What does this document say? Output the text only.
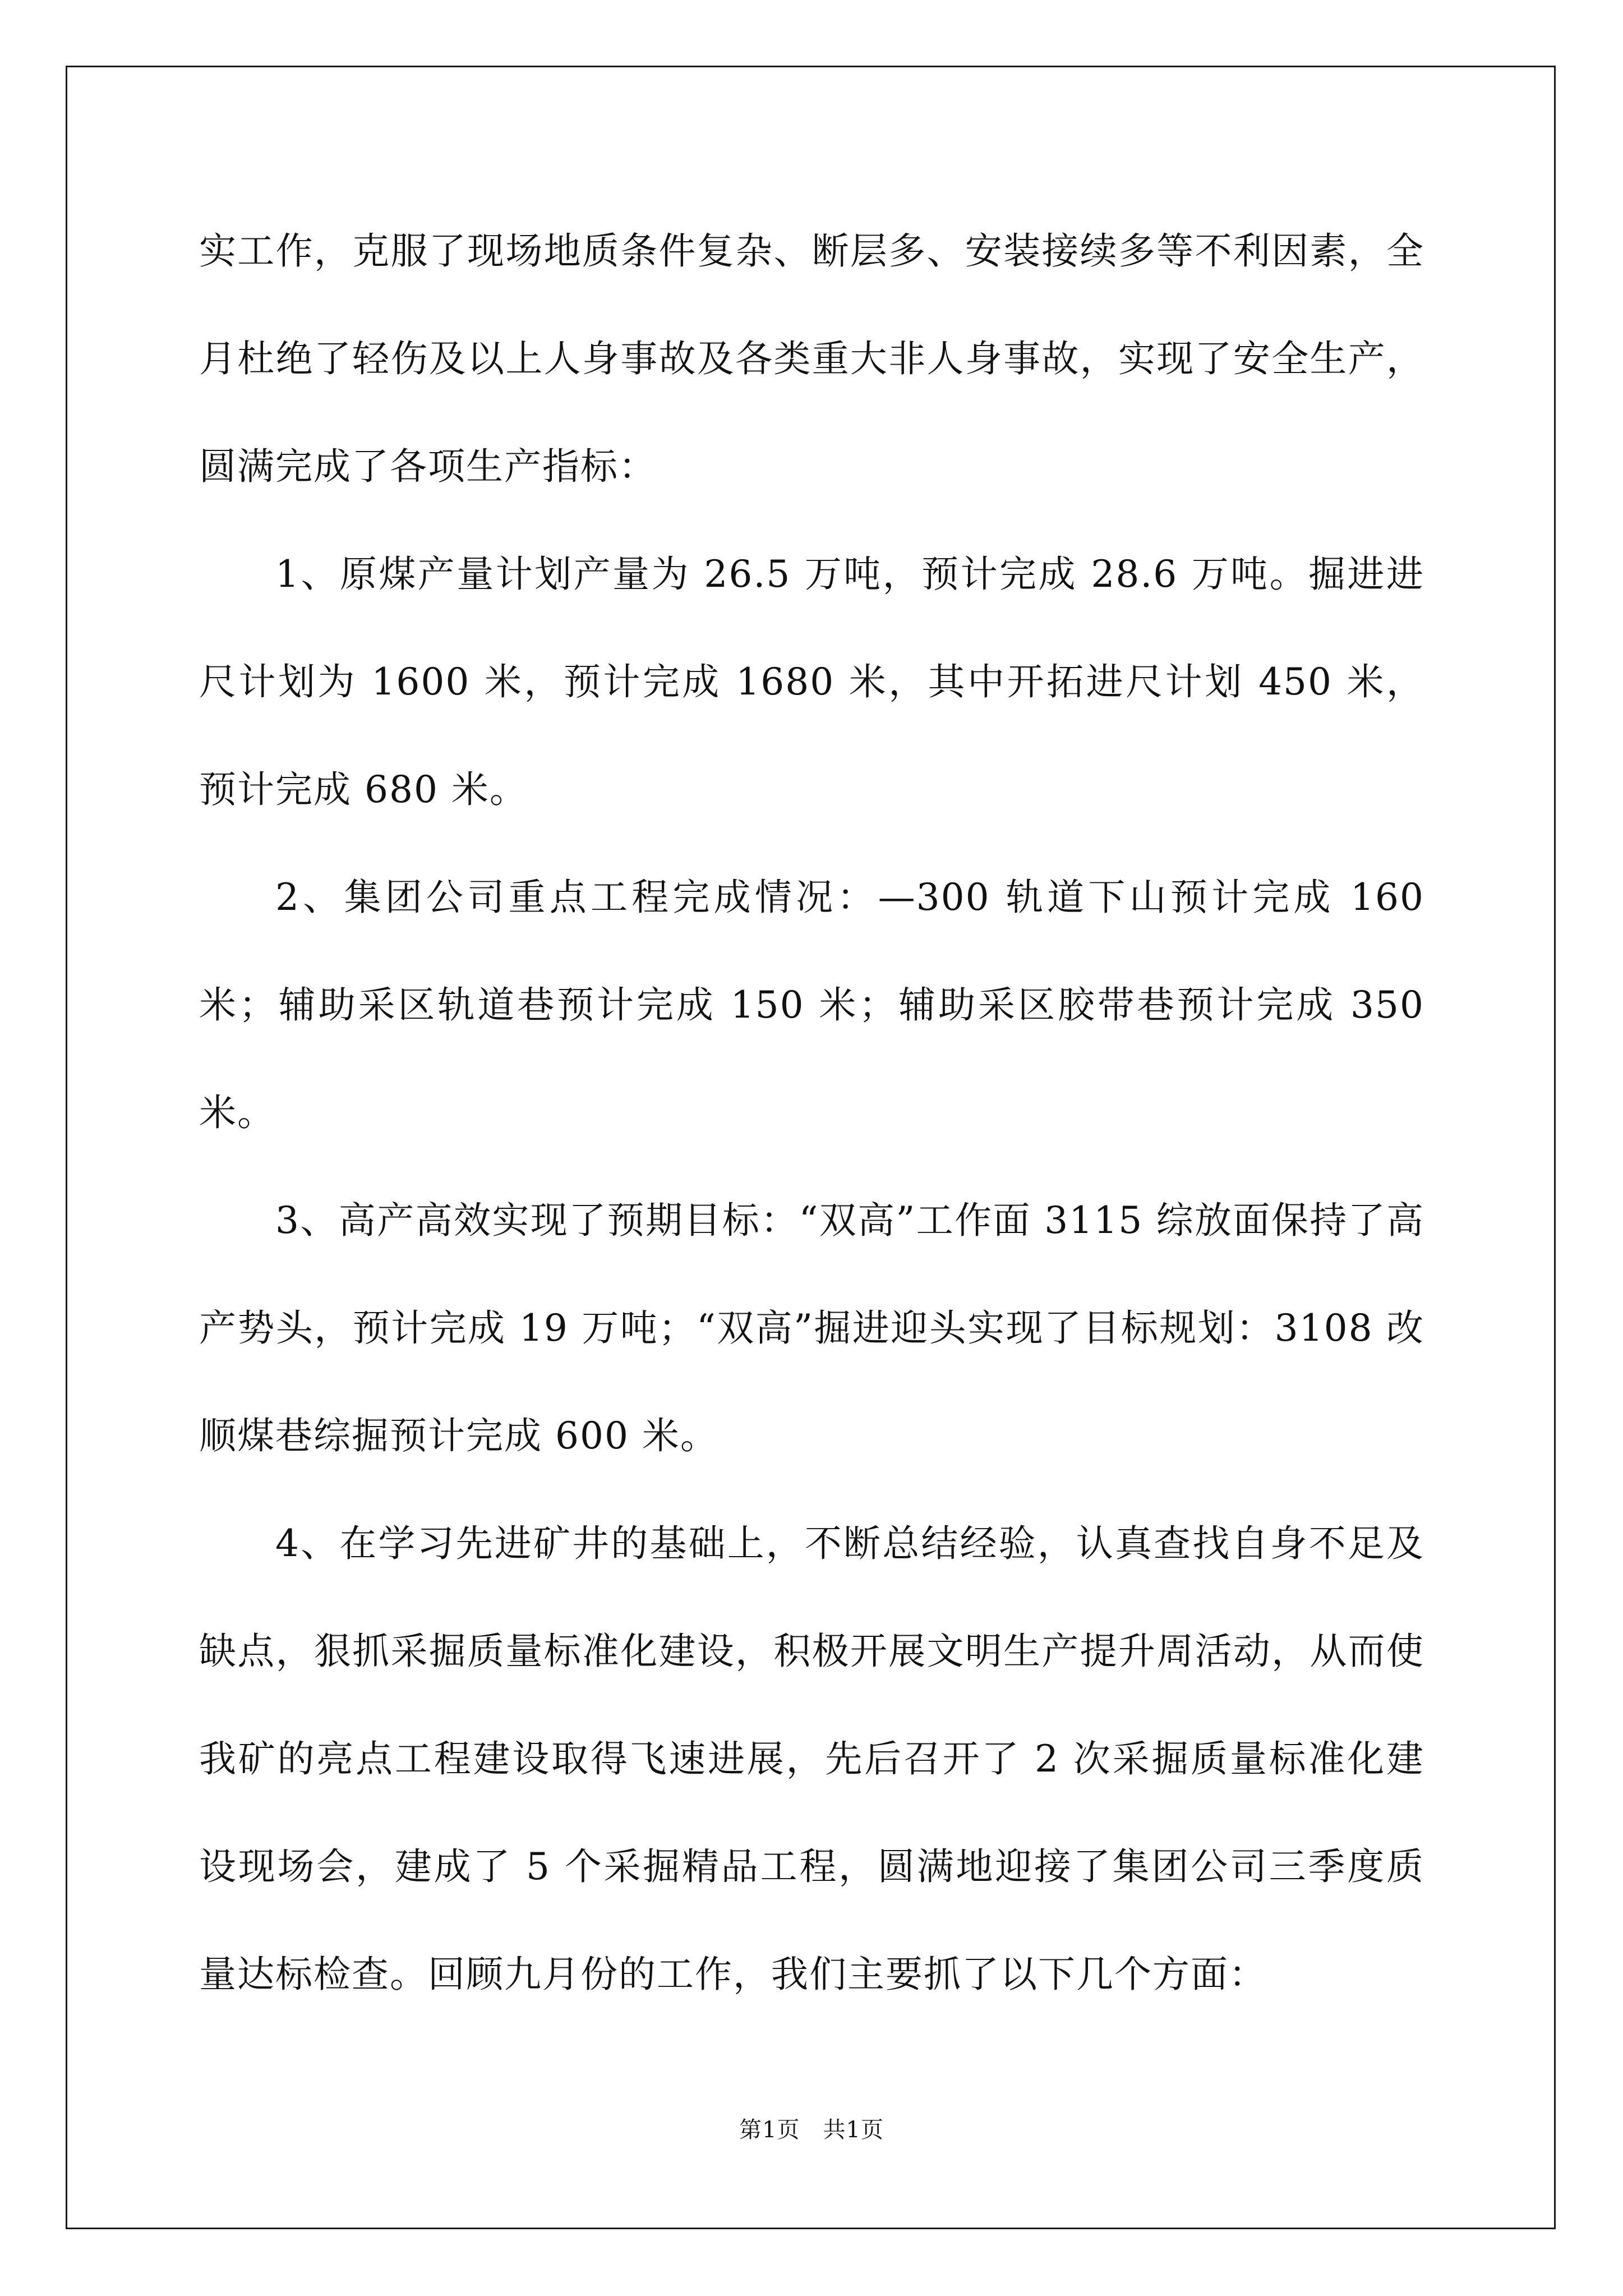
实工作，克服了现场地质条件复杂、断层多、安装接续多等不利因素，全月杜绝了轻伤及以上人身事故及各类重大非人身事故，实现了安全生产，圆满完成了各项生产指标：

1、原煤产量计划产量为 26.5 万吨，预计完成 28.6 万吨。掘进进尺计划为 1600 米，预计完成 1680 米，其中开拓进尺计划 450 米，预计完成 680 米。

2、集团公司重点工程完成情况：—300 轨道下山预计完成 160 米；辅助采区轨道巷预计完成 150 米；辅助采区胶带巷预计完成 350 米。

3、高产高效实现了预期目标：“双高”工作面 3115 综放面保持了高产势头，预计完成 19 万吨；“双高”掘进迎头实现了目标规划：3108 改顺煤巷综掘预计完成 600 米。

4、在学习先进矿井的基础上，不断总结经验，认真查找自身不足及缺点，狠抓采掘质量标准化建设，积极开展文明生产提升周活动，从而使我矿的亮点工程建设取得飞速进展，先后召开了 2 次采掘质量标准化建设现场会，建成了 5 个采掘精品工程，圆满地迎接了集团公司三季度质量达标检查。回顾九月份的工作，我们主要抓了以下几个方面：

第1页　共1页
